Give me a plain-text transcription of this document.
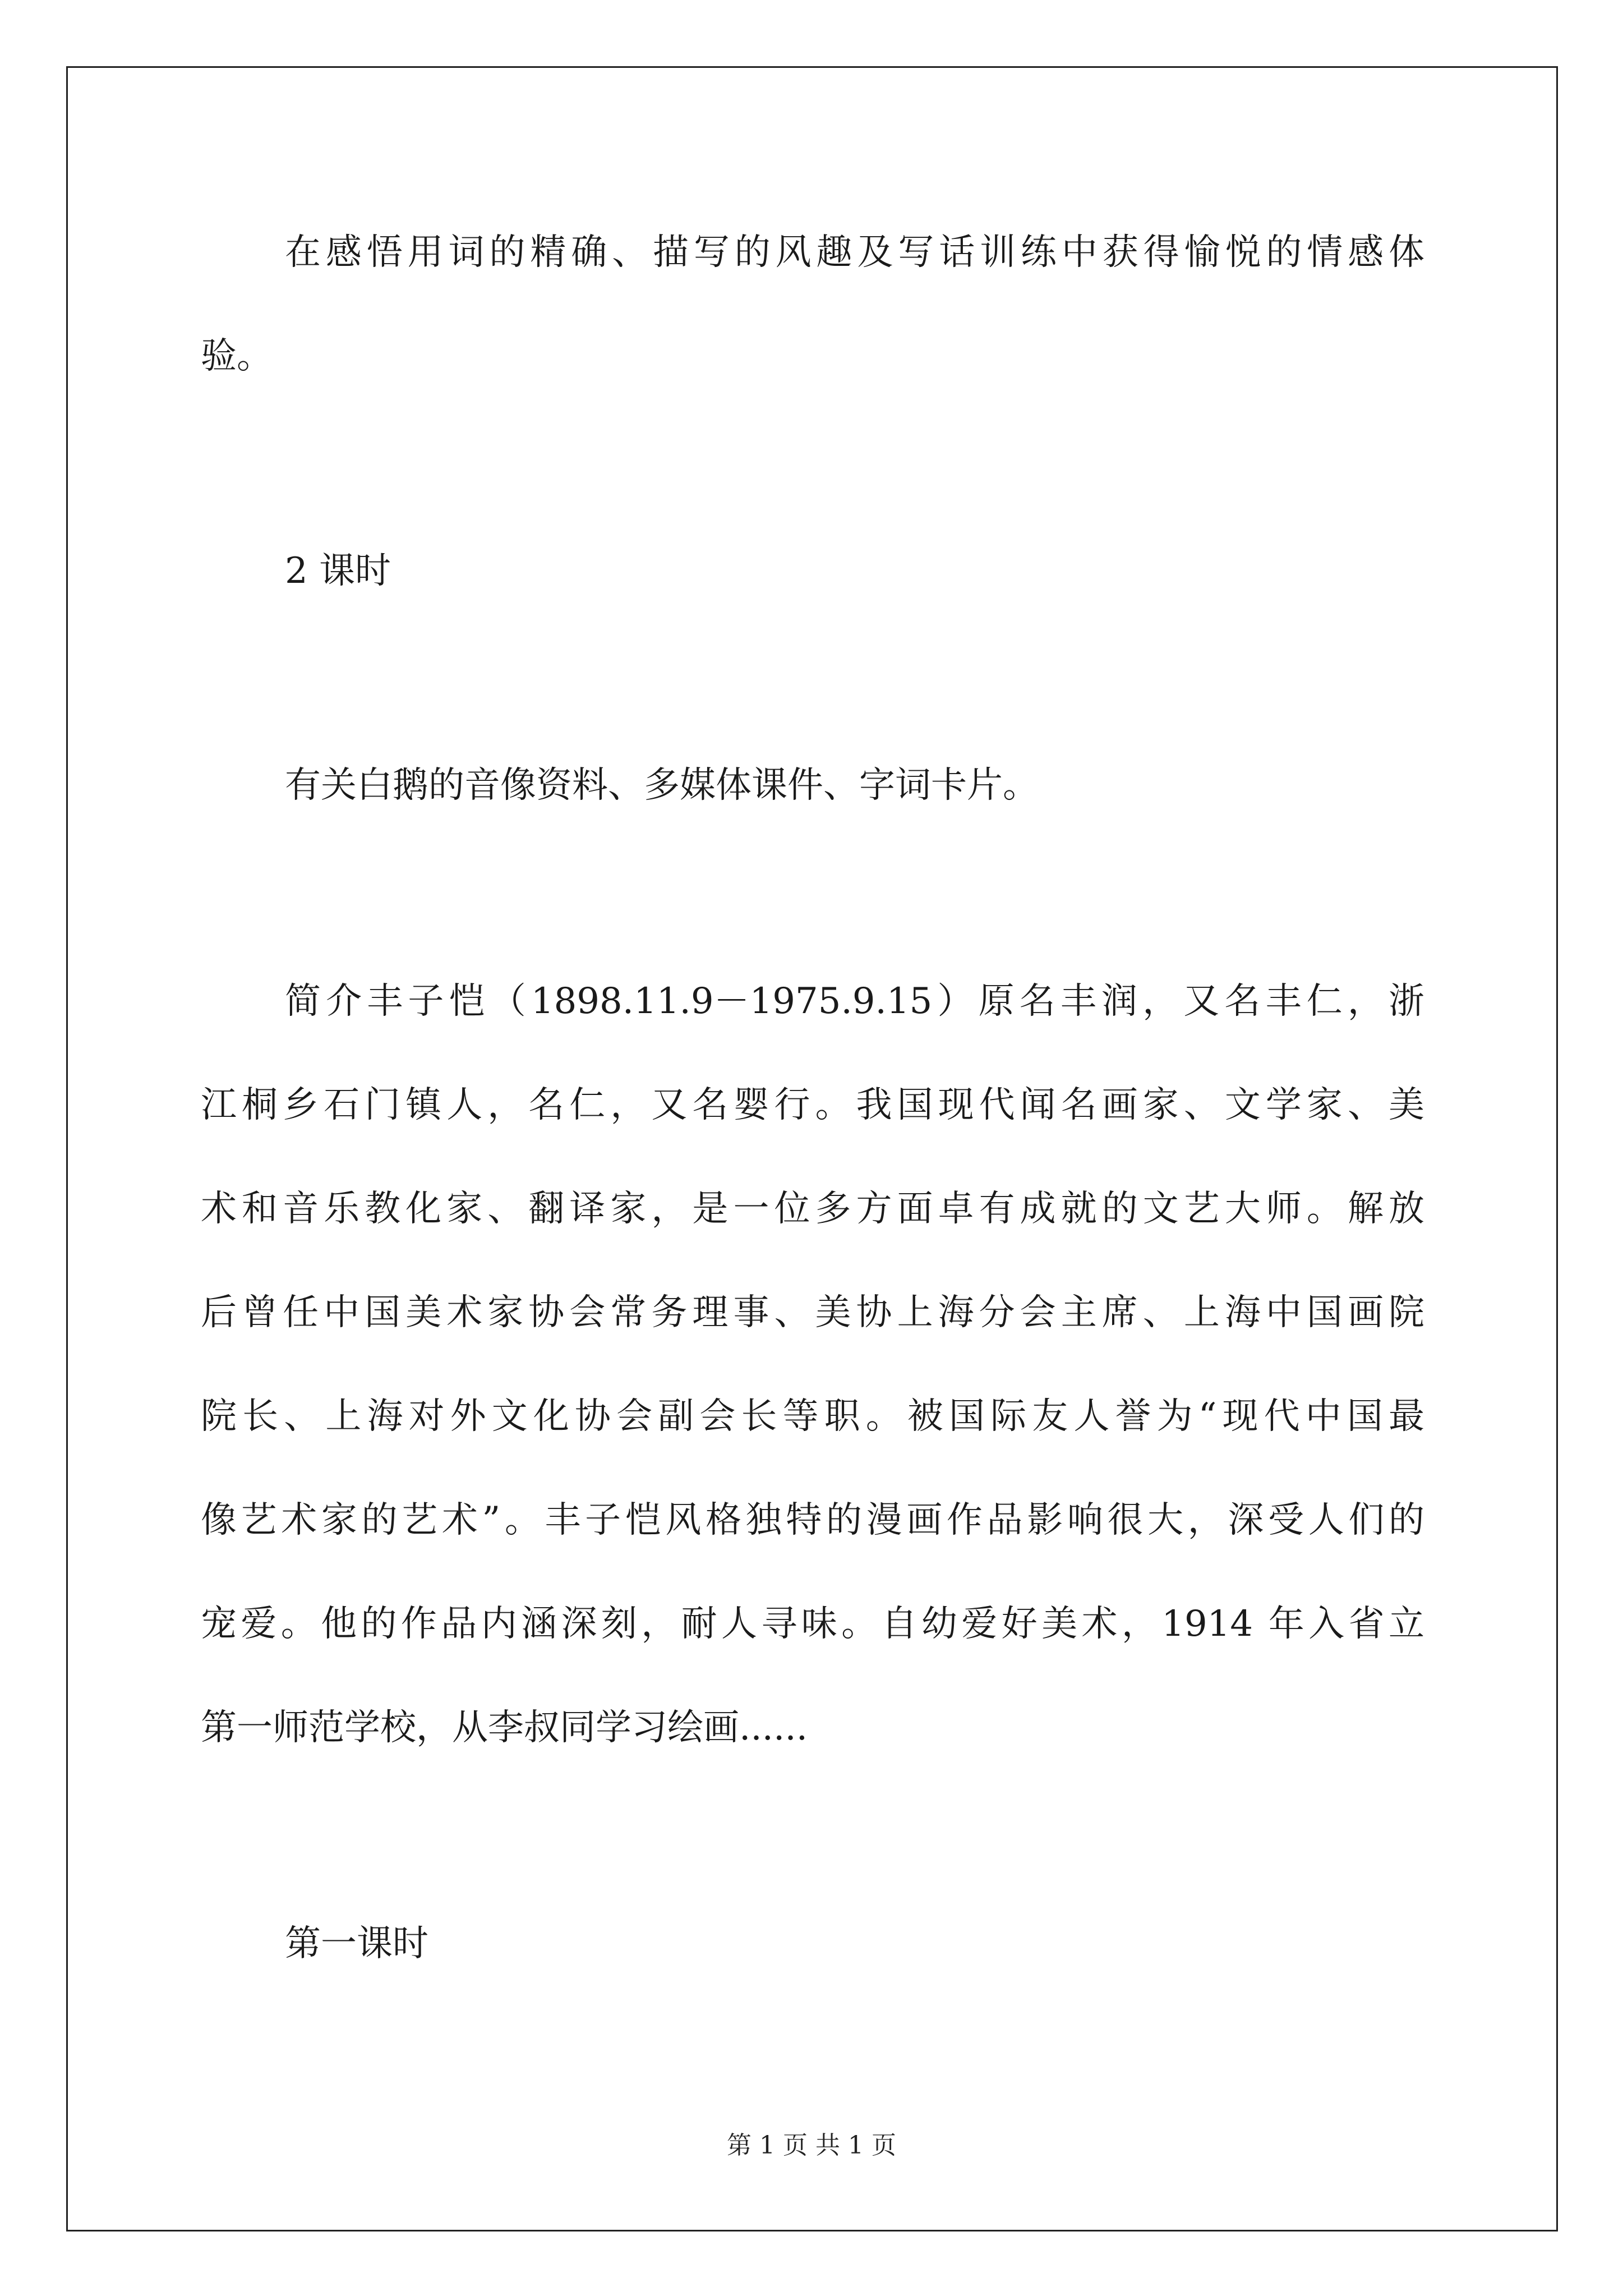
在感悟用词的精确、描写的风趣及写话训练中获得愉悦的情感体
验。
2 课时
有关白鹅的音像资料、多媒体课件、字词卡片。
简介丰子恺（1898.11.9－1975.9.15）原名丰润，又名丰仁，浙
江桐乡石门镇人，名仁，又名婴行。我国现代闻名画家、文学家、美
术和音乐教化家、翻译家，是一位多方面卓有成就的文艺大师。解放
后曾任中国美术家协会常务理事、美协上海分会主席、上海中国画院
院长、上海对外文化协会副会长等职。被国际友人誉为“现代中国最
像艺术家的艺术”。丰子恺风格独特的漫画作品影响很大，深受人们的
宠爱。他的作品内涵深刻，耐人寻味。自幼爱好美术，1914 年入省立
第一师范学校，从李叔同学习绘画......
第一课时
第 1 页 共 1 页
